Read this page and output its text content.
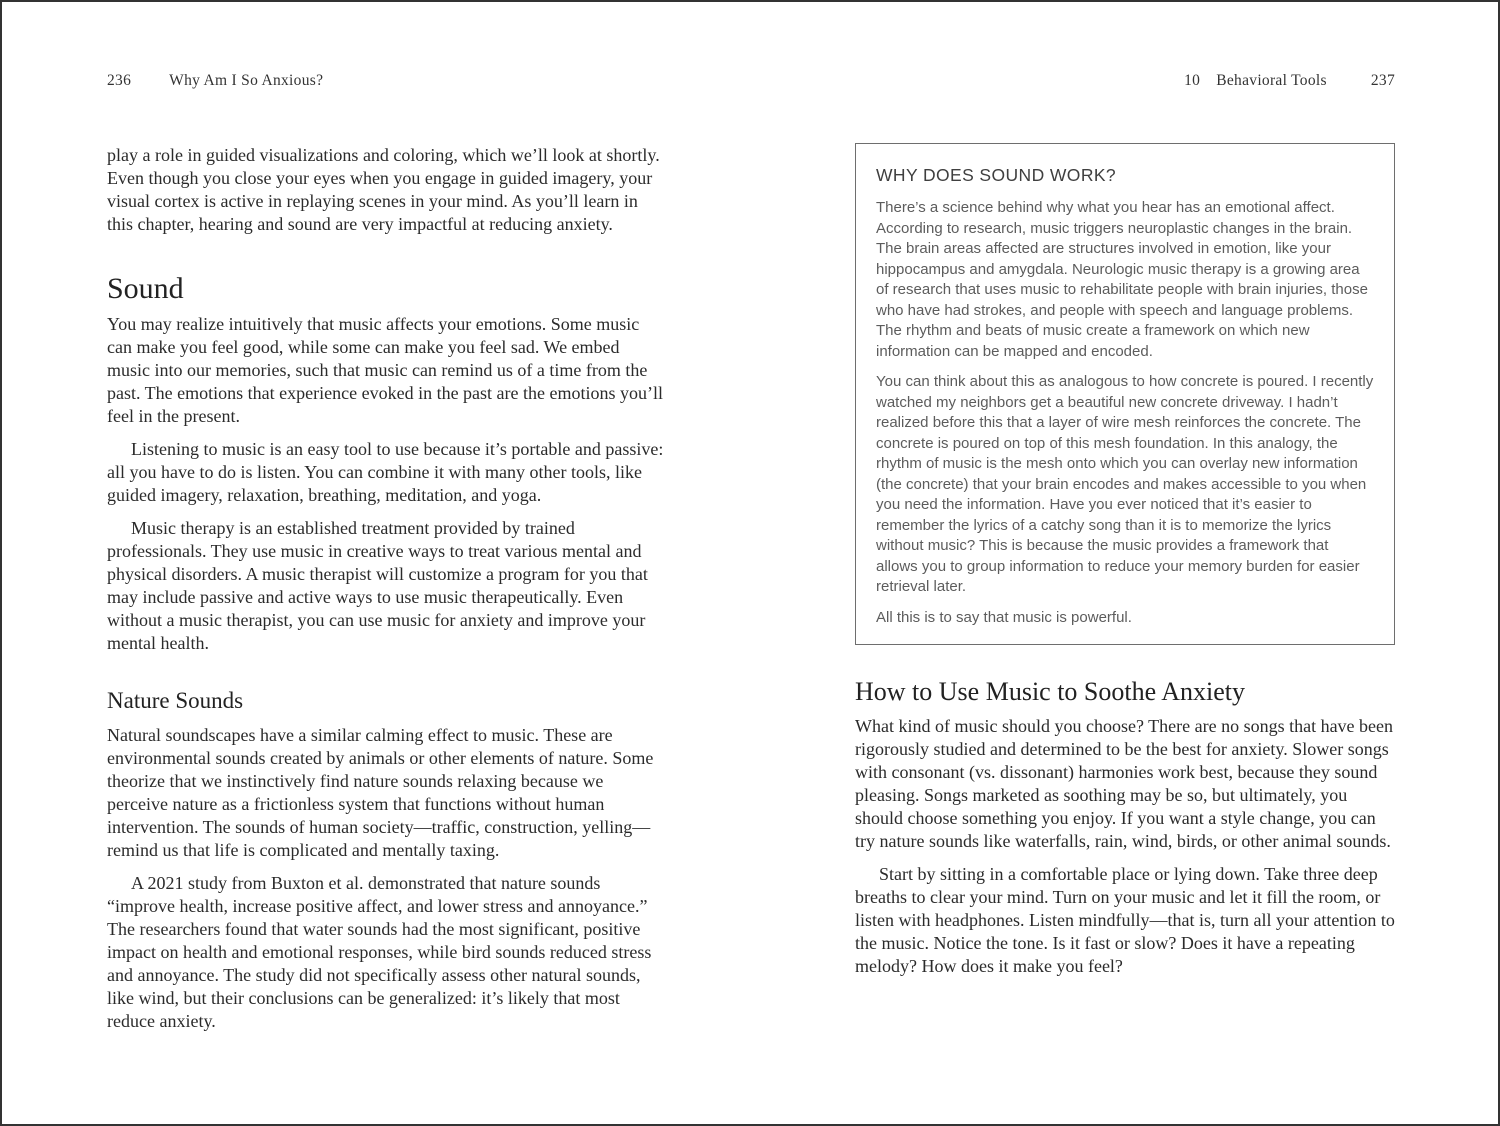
236 Why Am I So Anxious?

play a role in guided visualizations and coloring, which we’ll look at shortly. Even though you close your eyes when you engage in guided imagery, your visual cortex is active in replaying scenes in your mind. As you’ll learn in this chapter, hearing and sound are very impactful at reducing anxiety.

Sound

You may realize intuitively that music affects your emotions. Some music can make you feel good, while some can make you feel sad. We embed music into our memories, such that music can remind us of a time from the past. The emotions that experience evoked in the past are the emotions you’ll feel in the present.

Listening to music is an easy tool to use because it’s portable and passive: all you have to do is listen. You can combine it with many other tools, like guided imagery, relaxation, breathing, meditation, and yoga.

Music therapy is an established treatment provided by trained professionals. They use music in creative ways to treat various mental and physical disorders. A music therapist will customize a program for you that may include passive and active ways to use music therapeutically. Even without a music therapist, you can use music for anxiety and improve your mental health.

Nature Sounds

Natural soundscapes have a similar calming effect to music. These are environmental sounds created by animals or other elements of nature. Some theorize that we instinctively find nature sounds relaxing because we perceive nature as a frictionless system that functions without human intervention. The sounds of human society—traffic, construction, yelling—remind us that life is complicated and mentally taxing.

A 2021 study from Buxton et al. demonstrated that nature sounds “improve health, increase positive affect, and lower stress and annoyance.” The researchers found that water sounds had the most significant, positive impact on health and emotional responses, while bird sounds reduced stress and annoyance. The study did not specifically assess other natural sounds, like wind, but their conclusions can be generalized: it’s likely that most reduce anxiety.

10 Behavioral Tools	237
WHY DOES SOUND WORK?

There’s a science behind why what you hear has an emotional affect. According to research, music triggers neuroplastic changes in the brain. The brain areas affected are structures involved in emotion, like your hippocampus and amygdala. Neurologic music therapy is a growing area of research that uses music to rehabilitate people with brain injuries, those who have had strokes, and people with speech and language problems. The rhythm and beats of music create a framework on which new information can be mapped and encoded.

You can think about this as analogous to how concrete is poured. I recently watched my neighbors get a beautiful new concrete driveway. I hadn’t realized before this that a layer of wire mesh reinforces the concrete. The concrete is poured on top of this mesh foundation. In this analogy, the rhythm of music is the mesh onto which you can overlay new information (the concrete) that your brain encodes and makes accessible to you when you need the information. Have you ever noticed that it’s easier to remember the lyrics of a catchy song than it is to memorize the lyrics without music? This is because the music provides a framework that allows you to group information to reduce your memory burden for easier retrieval later.

All this is to say that music is powerful.

How to Use Music to Soothe Anxiety

What kind of music should you choose? There are no songs that have been rigorously studied and determined to be the best for anxiety. Slower songs with consonant (vs. dissonant) harmonies work best, because they sound pleasing. Songs marketed as soothing may be so, but ultimately, you should choose something you enjoy. If you want a style change, you can try nature sounds like waterfalls, rain, wind, birds, or other animal sounds.

Start by sitting in a comfortable place or lying down. Take three deep breaths to clear your mind. Turn on your music and let it fill the room, or listen with headphones. Listen mindfully—that is, turn all your attention to the music. Notice the tone. Is it fast or slow? Does it have a repeating melody? How does it make you feel?
